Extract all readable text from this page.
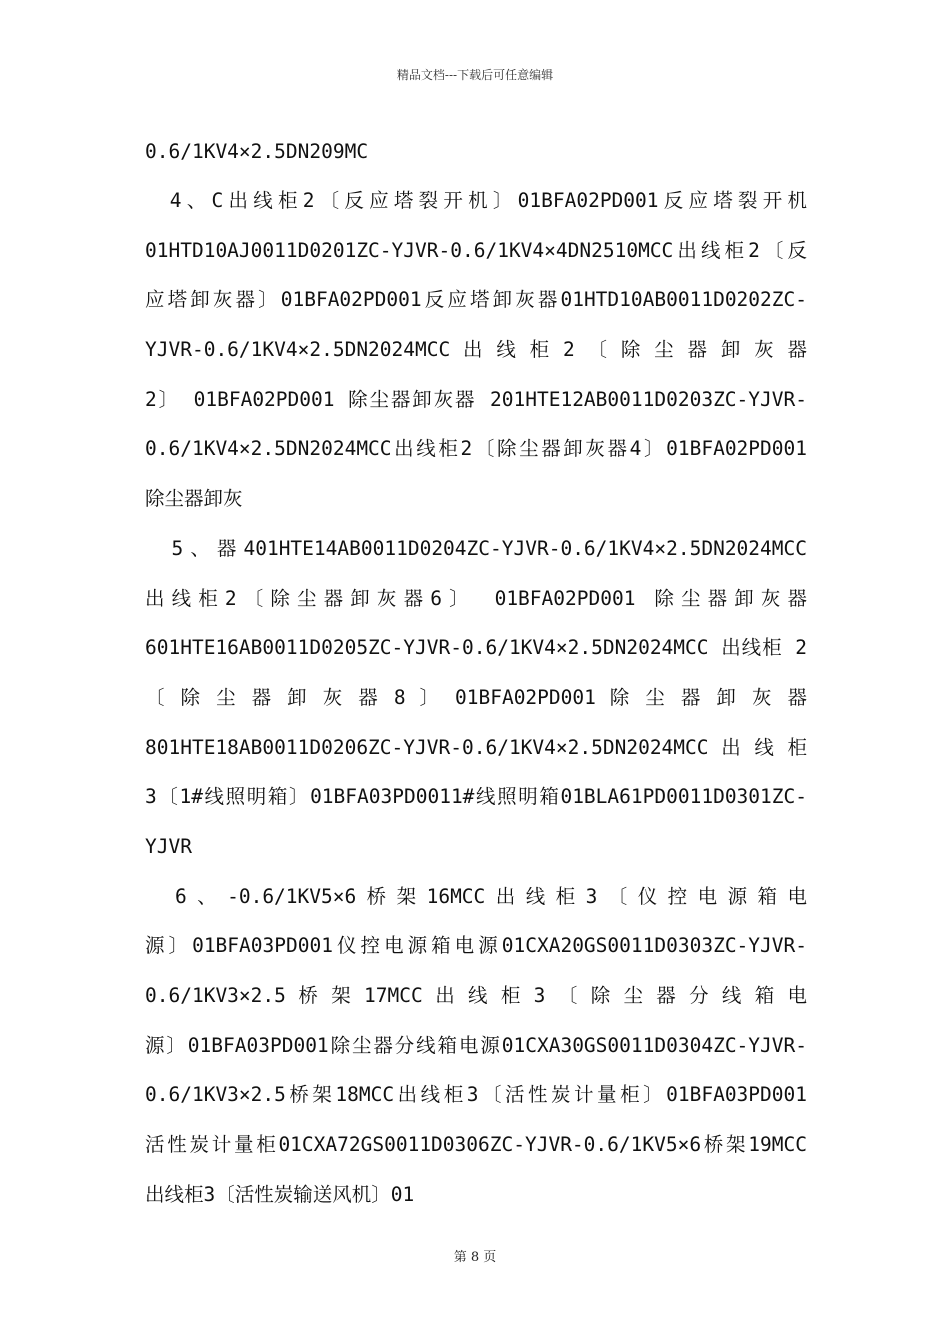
精品文档---下载后可任意编辑
0.6/1KV4×2.5DN209MC
　4、C出线柜2〔反应塔裂开机〕01BFA02PD001反应塔裂开机
01HTD10AJ0011D0201ZC-YJVR-0.6/1KV4×4DN2510MCC出线柜2〔反
应塔卸灰器〕01BFA02PD001反应塔卸灰器01HTD10AB0011D0202ZC-
YJVR-0.6/1KV4×2.5DN2024MCC 出 线 柜 2 〔 除 尘 器 卸 灰 器
2〕 01BFA02PD001 除尘器卸灰器 201HTE12AB0011D0203ZC-YJVR-
0.6/1KV4×2.5DN2024MCC出线柜2〔除尘器卸灰器4〕01BFA02PD001
除尘器卸灰
　5、器401HTE14AB0011D0204ZC-YJVR-0.6/1KV4×2.5DN2024MCC
出线柜2〔除尘器卸灰器6〕 01BFA02PD001 除尘器卸灰器
601HTE16AB0011D0205ZC-YJVR-0.6/1KV4×2.5DN2024MCC 出线柜 2
〔 除 尘 器 卸 灰 器 8 〕 01BFA02PD001 除 尘 器 卸 灰 器
801HTE18AB0011D0206ZC-YJVR-0.6/1KV4×2.5DN2024MCC 出 线 柜
3〔1#线照明箱〕01BFA03PD0011#线照明箱01BLA61PD0011D0301ZC-
YJVR
　6、-0.6/1KV5×6桥架16MCC出线柜3〔仪控电源箱电
源〕01BFA03PD001仪控电源箱电源01CXA20GS0011D0303ZC-YJVR-
0.6/1KV3×2.5 桥 架 17MCC 出 线 柜 3 〔 除 尘 器 分 线 箱 电
源〕01BFA03PD001除尘器分线箱电源01CXA30GS0011D0304ZC-YJVR-
0.6/1KV3×2.5桥架18MCC出线柜3〔活性炭计量柜〕01BFA03PD001
活性炭计量柜01CXA72GS0011D0306ZC-YJVR-0.6/1KV5×6桥架19MCC
出线柜3〔活性炭输送风机〕01
第 8 页
